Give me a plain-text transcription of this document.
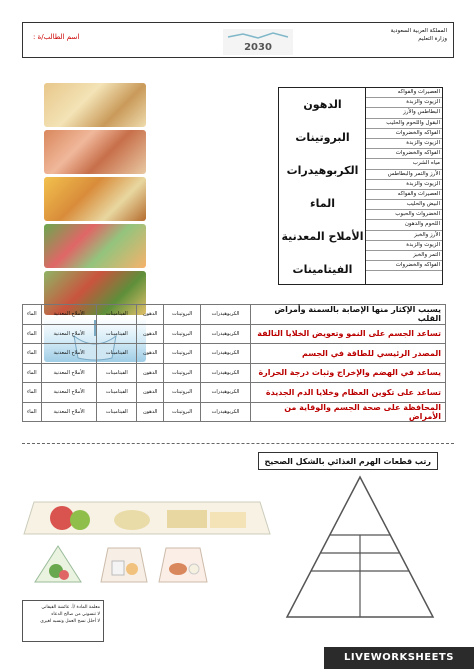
اسم الطالب/ة :
2030
المملكة العربية السعودية
وزارة التعليم
الدهون
البروتينات
الكربوهيدرات
الماء
الأملاح المعدنية
الفيتامينات
العصيرات والفواكه
الزيوت والزبدة
البطاطس والأرز
البقول واللحوم والحليب
الفواكه والخضروات
الزيوت والزبدة
الفواكه والخضروات
مياه الشرب
الأرز والتمر والبطاطس
الزيوت والزبدة
العصيرات والفواكه
البيض والحليب
الخضروات والحبوب
اللحوم والدهون
الأرز والخبز
الزيوت والزبدة
التمر والخبز
الفواكه والخضروات
الماء	الأملاح المعدنية	الفيتامينات	الدهون	البروتينات	الكربوهيدرات	يسبب الإكثار منها الإصابة بالسمنة وأمراض القلب
الماء	الأملاح المعدنية	الفيتامينات	الدهون	البروتينات	الكربوهيدرات	تساعد الجسم على النمو وتعويض الخلايا التالفة
الماء	الأملاح المعدنية	الفيتامينات	الدهون	البروتينات	الكربوهيدرات	المصدر الرئيسي للطاقة في الجسم
الماء	الأملاح المعدنية	الفيتامينات	الدهون	البروتينات	الكربوهيدرات	يساعد في الهضم والإخراج وثبات درجة الحرارة
الماء	الأملاح المعدنية	الفيتامينات	الدهون	البروتينات	الكربوهيدرات	تساعد على تكوين العظام وخلايا الدم الجديدة
الماء	الأملاح المعدنية	الفيتامينات	الدهون	البروتينات	الكربوهيدرات	المحافظة على صحة الجسم والوقاية من الأمراض
رتب قطعات الهرم الغذائي بالشكل الصحيح
معلمة المادة /أ. عائشة الفيفاني
لا تنسوني من صالح الدعاء
لا أحلل نسخ العمل ونسبه لغيري
LIVEWORKSHEETS
